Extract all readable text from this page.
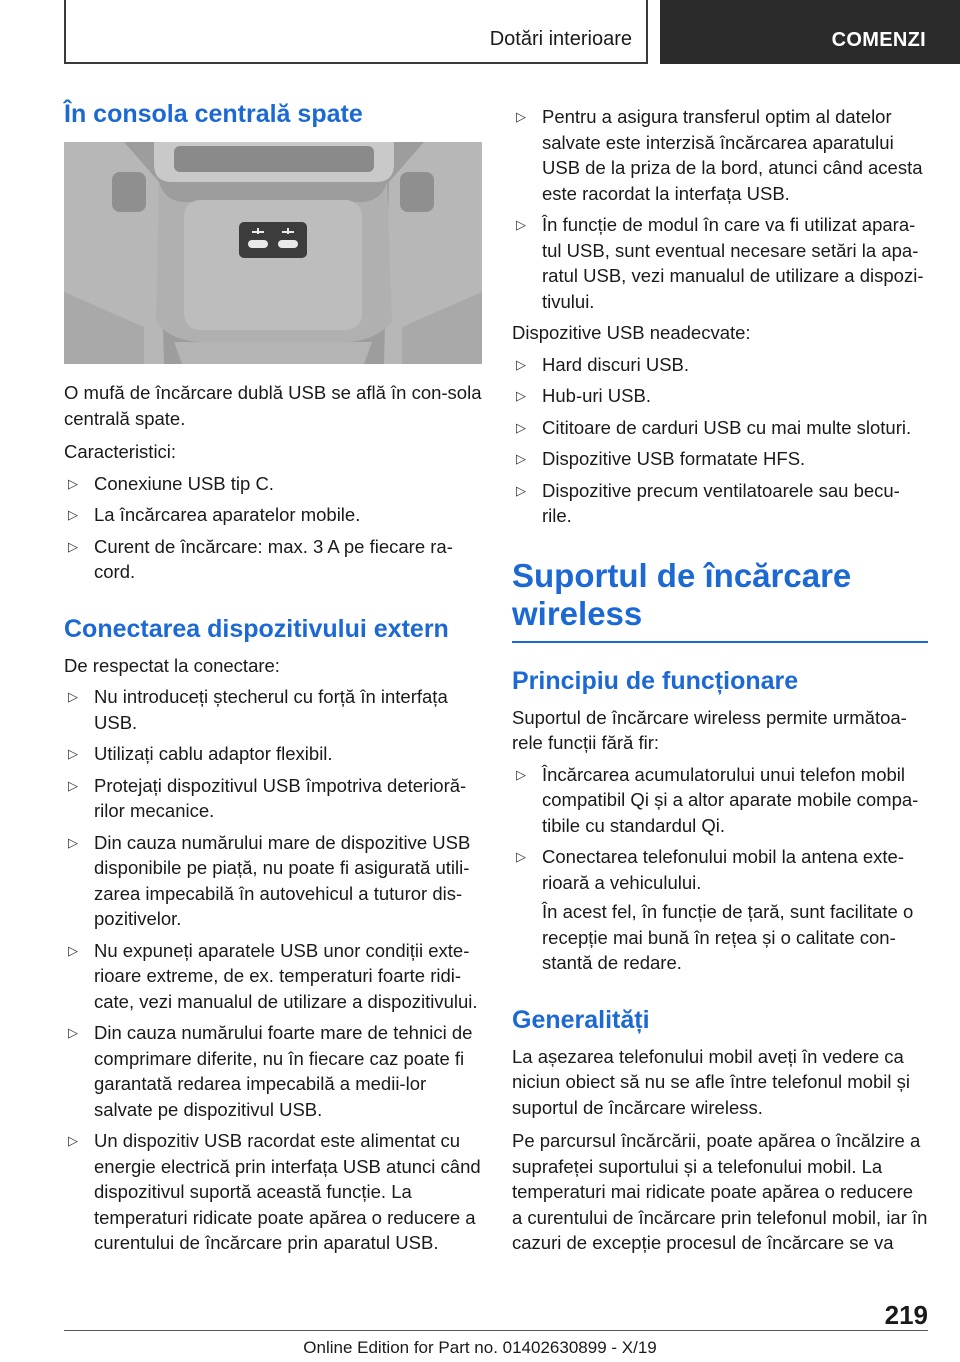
Dotări interioare	COMENZI
În consola centrală spate

O mufă de încărcare dublă USB se află în con-sola centrală spate.

Caracteristici:

▷ Conexiune USB tip C.
▷ La încărcarea aparatelor mobile.
▷ Curent de încărcare: max. 3 A pe fiecare ra-cord.
Conectarea dispozitivului extern

De respectat la conectare:

▷ Nu introduceți ștecherul cu forță în interfața USB.
▷ Utilizați cablu adaptor flexibil.
▷ Protejați dispozitivul USB împotriva deterioră-rilor mecanice.
▷ Din cauza numărului mare de dispozitive USB disponibile pe piață, nu poate fi asigurată utili-zarea impecabilă în autovehicul a tuturor dis-pozitivelor.
▷ Nu expuneți aparatele USB unor condiții exte-rioare extreme, de ex. temperaturi foarte ridi-cate, vezi manualul de utilizare a dispozitivului.
▷ Din cauza numărului foarte mare de tehnici de comprimare diferite, nu în fiecare caz poate fi garantată redarea impecabilă a medii-lor salvate pe dispozitivul USB.
▷ Un dispozitiv USB racordat este alimentat cu energie electrică prin interfața USB atunci când dispozitivul suportă această funcție. La temperaturi ridicate poate apărea o reducere a curentului de încărcare prin aparatul USB.
▷ Pentru a asigura transferul optim al datelor salvate este interzisă încărcarea aparatului USB de la priza de la bord, atunci când acesta este racordat la interfața USB.
▷ În funcție de modul în care va fi utilizat apara-tul USB, sunt eventual necesare setări la apa-ratul USB, vezi manualul de utilizare a dispozi-tivului.

Dispozitive USB neadecvate:

▷ Hard discuri USB.
▷ Hub-uri USB.
▷ Cititoare de carduri USB cu mai multe sloturi.
▷ Dispozitive USB formatate HFS.
▷ Dispozitive precum ventilatoarele sau becu-rile.
Suportul de încărcare wireless
Principiu de funcționare

Suportul de încărcare wireless permite următoa-rele funcții fără fir:

▷ Încărcarea acumulatorului unui telefon mobil compatibil Qi și a altor aparate mobile compa-tibile cu standardul Qi.
▷ Conectarea telefonului mobil la antena exte-rioară a vehiculului.
În acest fel, în funcție de țară, sunt facilitate o recepție mai bună în rețea și o calitate con-stantă de redare.
Generalități

La așezarea telefonului mobil aveți în vedere ca niciun obiect să nu se afle între telefonul mobil și suportul de încărcare wireless.

Pe parcursul încărcării, poate apărea o încălzire a suprafeței suportului și a telefonului mobil. La temperaturi mai ridicate poate apărea o reducere a curentului de încărcare prin telefonul mobil, iar în cazuri de excepție procesul de încărcare se va

219
Online Edition for Part no. 01402630899 - X/19
